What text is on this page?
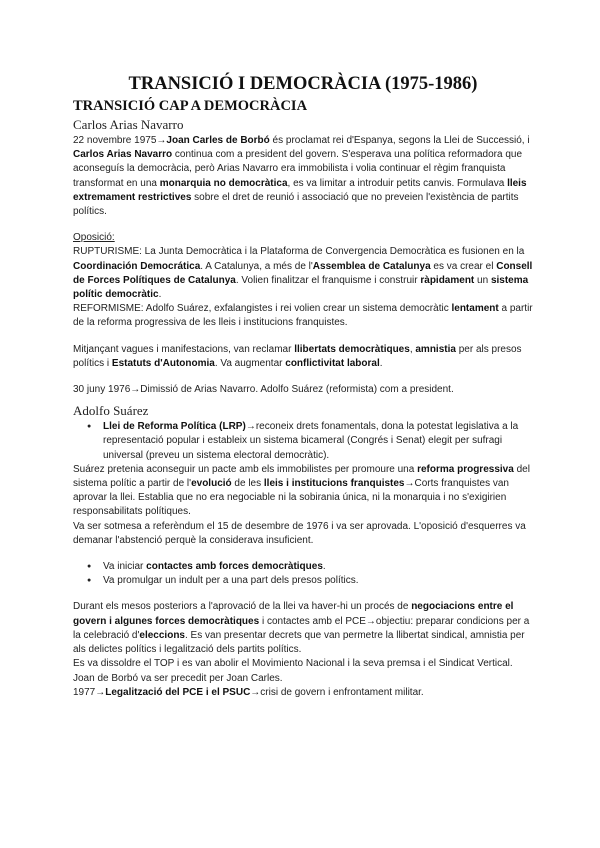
TRANSICIÓ I DEMOCRÀCIA (1975-1986)
TRANSICIÓ CAP A DEMOCRÀCIA
Carlos Arias Navarro

22 novembre 1975→Joan Carles de Borbó és proclamat rei d'Espanya, segons la Llei de Successió, i Carlos Arias Navarro continua com a president del govern. S'esperava una política reformadora que aconseguís la democràcia, però Arias Navarro era immobilista i volia continuar el règim franquista transformat en una monarquia no democràtica, es va limitar a introduir petits canvis. Formulava lleis extremament restrictives sobre el dret de reunió i associació que no preveien l'existència de partits polítics.

Oposició:

RUPTURISME: La Junta Democràtica i la Plataforma de Convergencia Democràtica es fusionen en la Coordinación Democrática. A Catalunya, a més de l'Assemblea de Catalunya es va crear el Consell de Forces Polítiques de Catalunya. Volien finalitzar el franquisme i construir ràpidament un sistema polític democràtic.

REFORMISME: Adolfo Suárez, exfalangistes i rei volien crear un sistema democràtic lentament a partir de la reforma progressiva de les lleis i institucions franquistes.

Mitjançant vagues i manifestacions, van reclamar llibertats democràtiques, amnistia per als presos polítics i Estatuts d'Autonomia. Va augmentar conflictivitat laboral.

30 juny 1976→Dimissió de Arias Navarro. Adolfo Suárez (reformista) com a president.

Adolfo Suárez
● Llei de Reforma Política (LRP)→reconeix drets fonamentals, dona la potestat legislativa a la representació popular i estableix un sistema bicameral (Congrés i Senat) elegit per sufragi universal (preveu un sistema electoral democràtic).

Suárez pretenia aconseguir un pacte amb els immobilistes per promoure una reforma progressiva del sistema polític a partir de l'evolució de les lleis i institucions franquistes→Corts franquistes van aprovar la llei. Establia que no era negociable ni la sobirania única, ni la monarquia i no s'exigirien responsabilitats polítiques.

Va ser sotmesa a referèndum el 15 de desembre de 1976 i va ser aprovada. L'oposició d'esquerres va demanar l'abstenció perquè la considerava insuficient.

● Va iniciar contactes amb forces democràtiques.
● Va promulgar un indult per a una part dels presos polítics.

Durant els mesos posteriors a l'aprovació de la llei va haver-hi un procés de negociacions entre el govern i algunes forces democràtiques i contactes amb el PCE→objectiu: preparar condicions per a la celebració d'eleccions. Es van presentar decrets que van permetre la llibertat sindical, amnistia per als delictes polítics i legalització dels partits polítics.

Es va dissoldre el TOP i es van abolir el Movimiento Nacional i la seva premsa i el Sindicat Vertical.

Joan de Borbó va ser precedit per Joan Carles.

1977→Legalització del PCE i el PSUC→crisi de govern i enfrontament militar.
